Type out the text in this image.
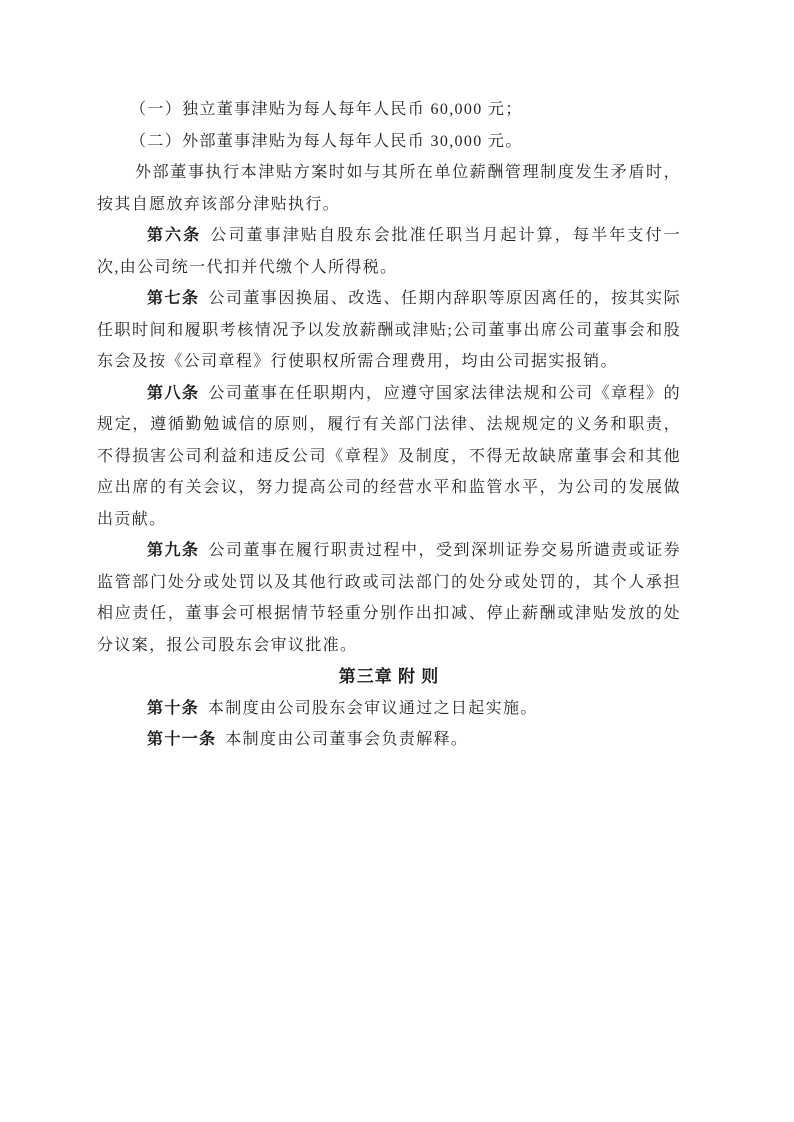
（一）独立董事津贴为每人每年人民币 60,000 元；

（二）外部董事津贴为每人每年人民币 30,000 元。

外部董事执行本津贴方案时如与其所在单位薪酬管理制度发生矛盾时，按其自愿放弃该部分津贴执行。

第六条 公司董事津贴自股东会批准任职当月起计算，每半年支付一次,由公司统一代扣并代缴个人所得税。

第七条 公司董事因换届、改选、任期内辞职等原因离任的，按其实际任职时间和履职考核情况予以发放薪酬或津贴;公司董事出席公司董事会和股东会及按《公司章程》行使职权所需合理费用，均由公司据实报销。

第八条 公司董事在任职期内，应遵守国家法律法规和公司《章程》的规定，遵循勤勉诚信的原则，履行有关部门法律、法规规定的义务和职责，不得损害公司利益和违反公司《章程》及制度，不得无故缺席董事会和其他应出席的有关会议，努力提高公司的经营水平和监管水平，为公司的发展做出贡献。

第九条 公司董事在履行职责过程中，受到深圳证券交易所谴责或证券监管部门处分或处罚以及其他行政或司法部门的处分或处罚的，其个人承担相应责任，董事会可根据情节轻重分别作出扣减、停止薪酬或津贴发放的处分议案，报公司股东会审议批准。

第三章 附 则

第十条 本制度由公司股东会审议通过之日起实施。

第十一条 本制度由公司董事会负责解释。
